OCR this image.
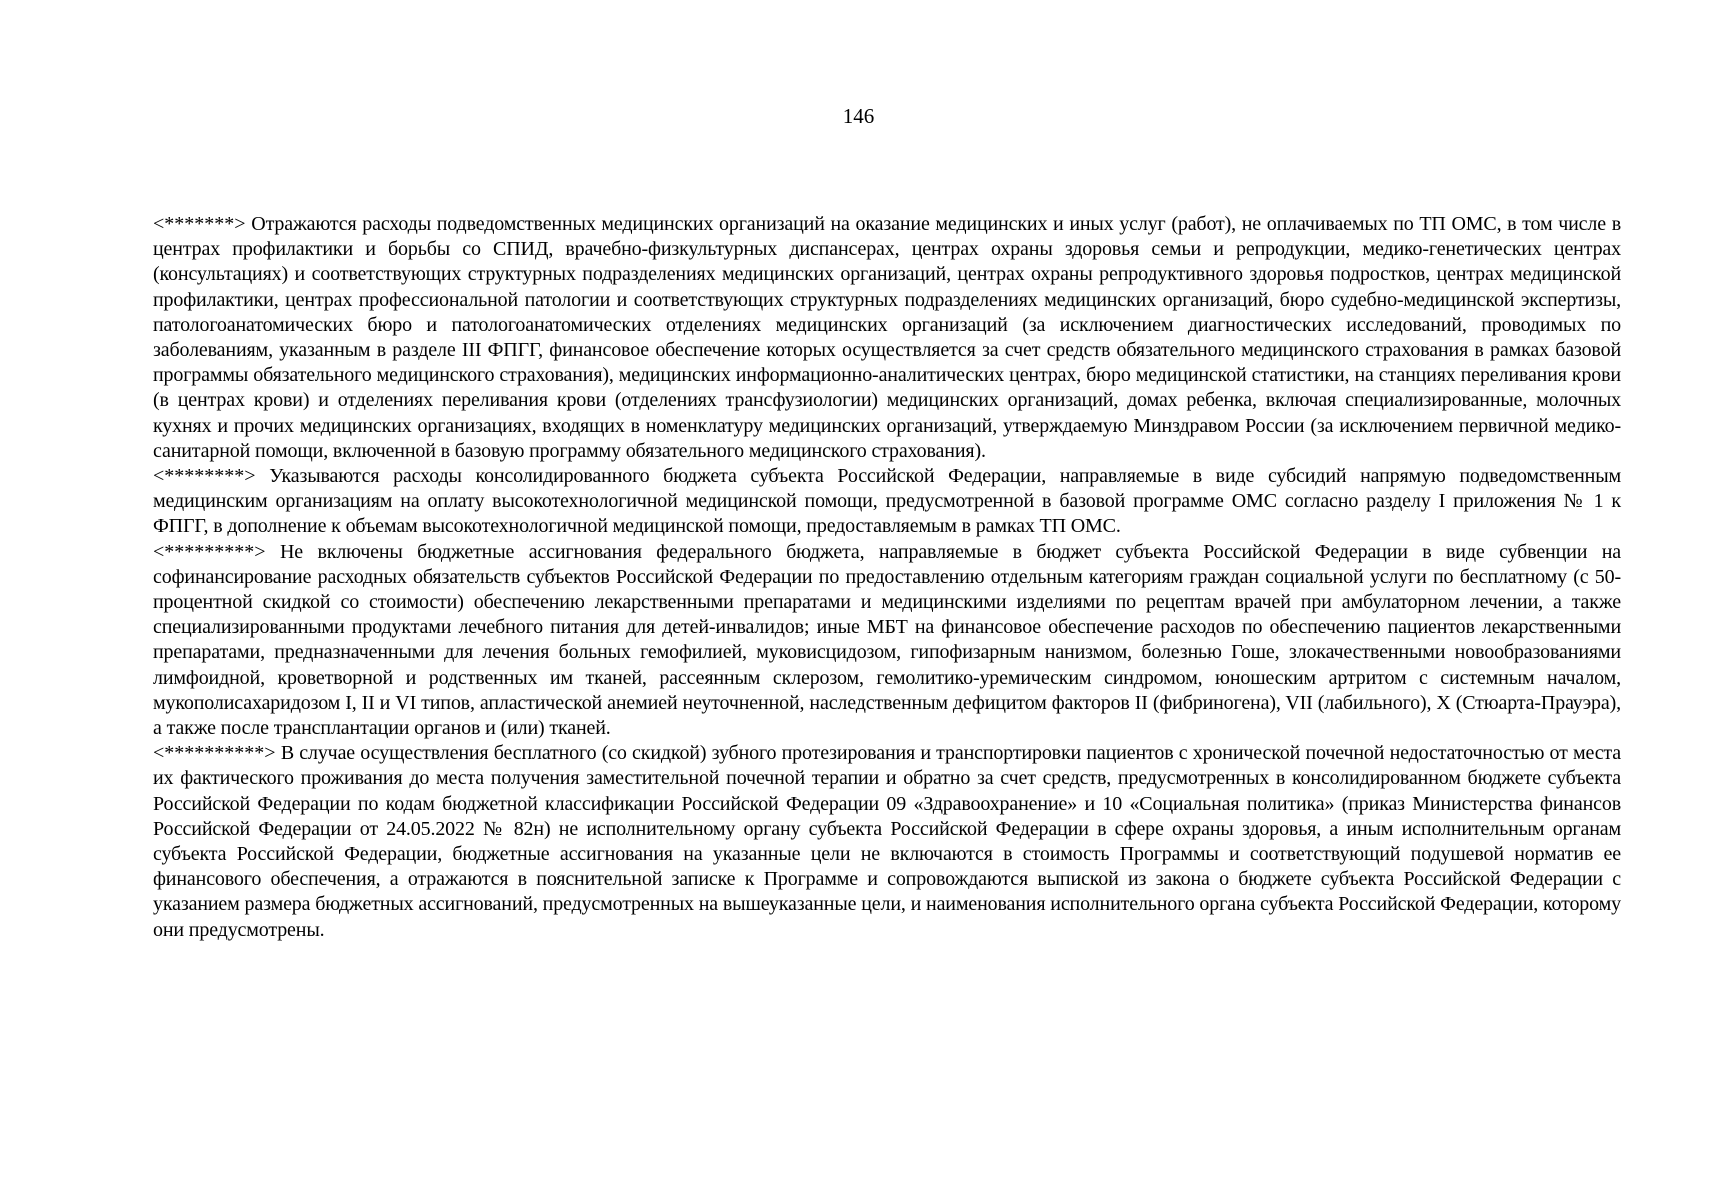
146

<*******> Отражаются расходы подведомственных медицинских организаций на оказание медицинских и иных услуг (работ), не оплачиваемых по ТП ОМС, в том числе в центрах профилактики и борьбы со СПИД, врачебно-физкультурных диспансерах, центрах охраны здоровья семьи и репродукции, медико-генетических центрах (консультациях) и соответствующих структурных подразделениях медицинских организаций, центрах охраны репродуктивного здоровья подростков, центрах медицинской профилактики, центрах профессиональной патологии и соответствующих структурных подразделениях медицинских организаций, бюро судебно-медицинской экспертизы, патологоанатомических бюро и патологоанатомических отделениях медицинских организаций (за исключением диагностических исследований, проводимых по заболеваниям, указанным в разделе III ФПГГ, финансовое обеспечение которых осуществляется за счет средств обязательного медицинского страхования в рамках базовой программы обязательного медицинского страхования), медицинских информационно-аналитических центрах, бюро медицинской статистики, на станциях переливания крови (в центрах крови) и отделениях переливания крови (отделениях трансфузиологии) медицинских организаций, домах ребенка, включая специализированные, молочных кухнях и прочих медицинских организациях, входящих в номенклатуру медицинских организаций, утверждаемую Минздравом России (за исключением первичной медико-санитарной помощи, включенной в базовую программу обязательного медицинского страхования).

<********> Указываются расходы консолидированного бюджета субъекта Российской Федерации, направляемые в виде субсидий напрямую подведомственным медицинским организациям на оплату высокотехнологичной медицинской помощи, предусмотренной в базовой программе ОМС согласно разделу I приложения № 1 к ФПГГ, в дополнение к объемам высокотехнологичной медицинской помощи, предоставляемым в рамках ТП ОМС.

<*********> Не включены бюджетные ассигнования федерального бюджета, направляемые в бюджет субъекта Российской Федерации в виде субвенции на софинансирование расходных обязательств субъектов Российской Федерации по предоставлению отдельным категориям граждан социальной услуги по бесплатному (с 50-процентной скидкой со стоимости) обеспечению лекарственными препаратами и медицинскими изделиями по рецептам врачей при амбулаторном лечении, а также специализированными продуктами лечебного питания для детей-инвалидов; иные МБТ на финансовое обеспечение расходов по обеспечению пациентов лекарственными препаратами, предназначенными для лечения больных гемофилией, муковисцидозом, гипофизарным нанизмом, болезнью Гоше, злокачественными новообразованиями лимфоидной, кроветворной и родственных им тканей, рассеянным склерозом, гемолитико-уремическим синдромом, юношеским артритом с системным началом, мукополисахаридозом I, II и VI типов, апластической анемией неуточненной, наследственным дефицитом факторов II (фибриногена), VII (лабильного), X (Стюарта-Прауэра), а также после трансплантации органов и (или) тканей.

<**********> В случае осуществления бесплатного (со скидкой) зубного протезирования и транспортировки пациентов с хронической почечной недостаточностью от места их фактического проживания до места получения заместительной почечной терапии и обратно за счет средств, предусмотренных в консолидированном бюджете субъекта Российской Федерации по кодам бюджетной классификации Российской Федерации 09 «Здравоохранение» и 10 «Социальная политика» (приказ Министерства финансов Российской Федерации от 24.05.2022 № 82н) не исполнительному органу субъекта Российской Федерации в сфере охраны здоровья, а иным исполнительным органам субъекта Российской Федерации, бюджетные ассигнования на указанные цели не включаются в стоимость Программы и соответствующий подушевой норматив ее финансового обеспечения, а отражаются в пояснительной записке к Программе и сопровождаются выпиской из закона о бюджете субъекта Российской Федерации с указанием размера бюджетных ассигнований, предусмотренных на вышеуказанные цели, и наименования исполнительного органа субъекта Российской Федерации, которому они предусмотрены.
